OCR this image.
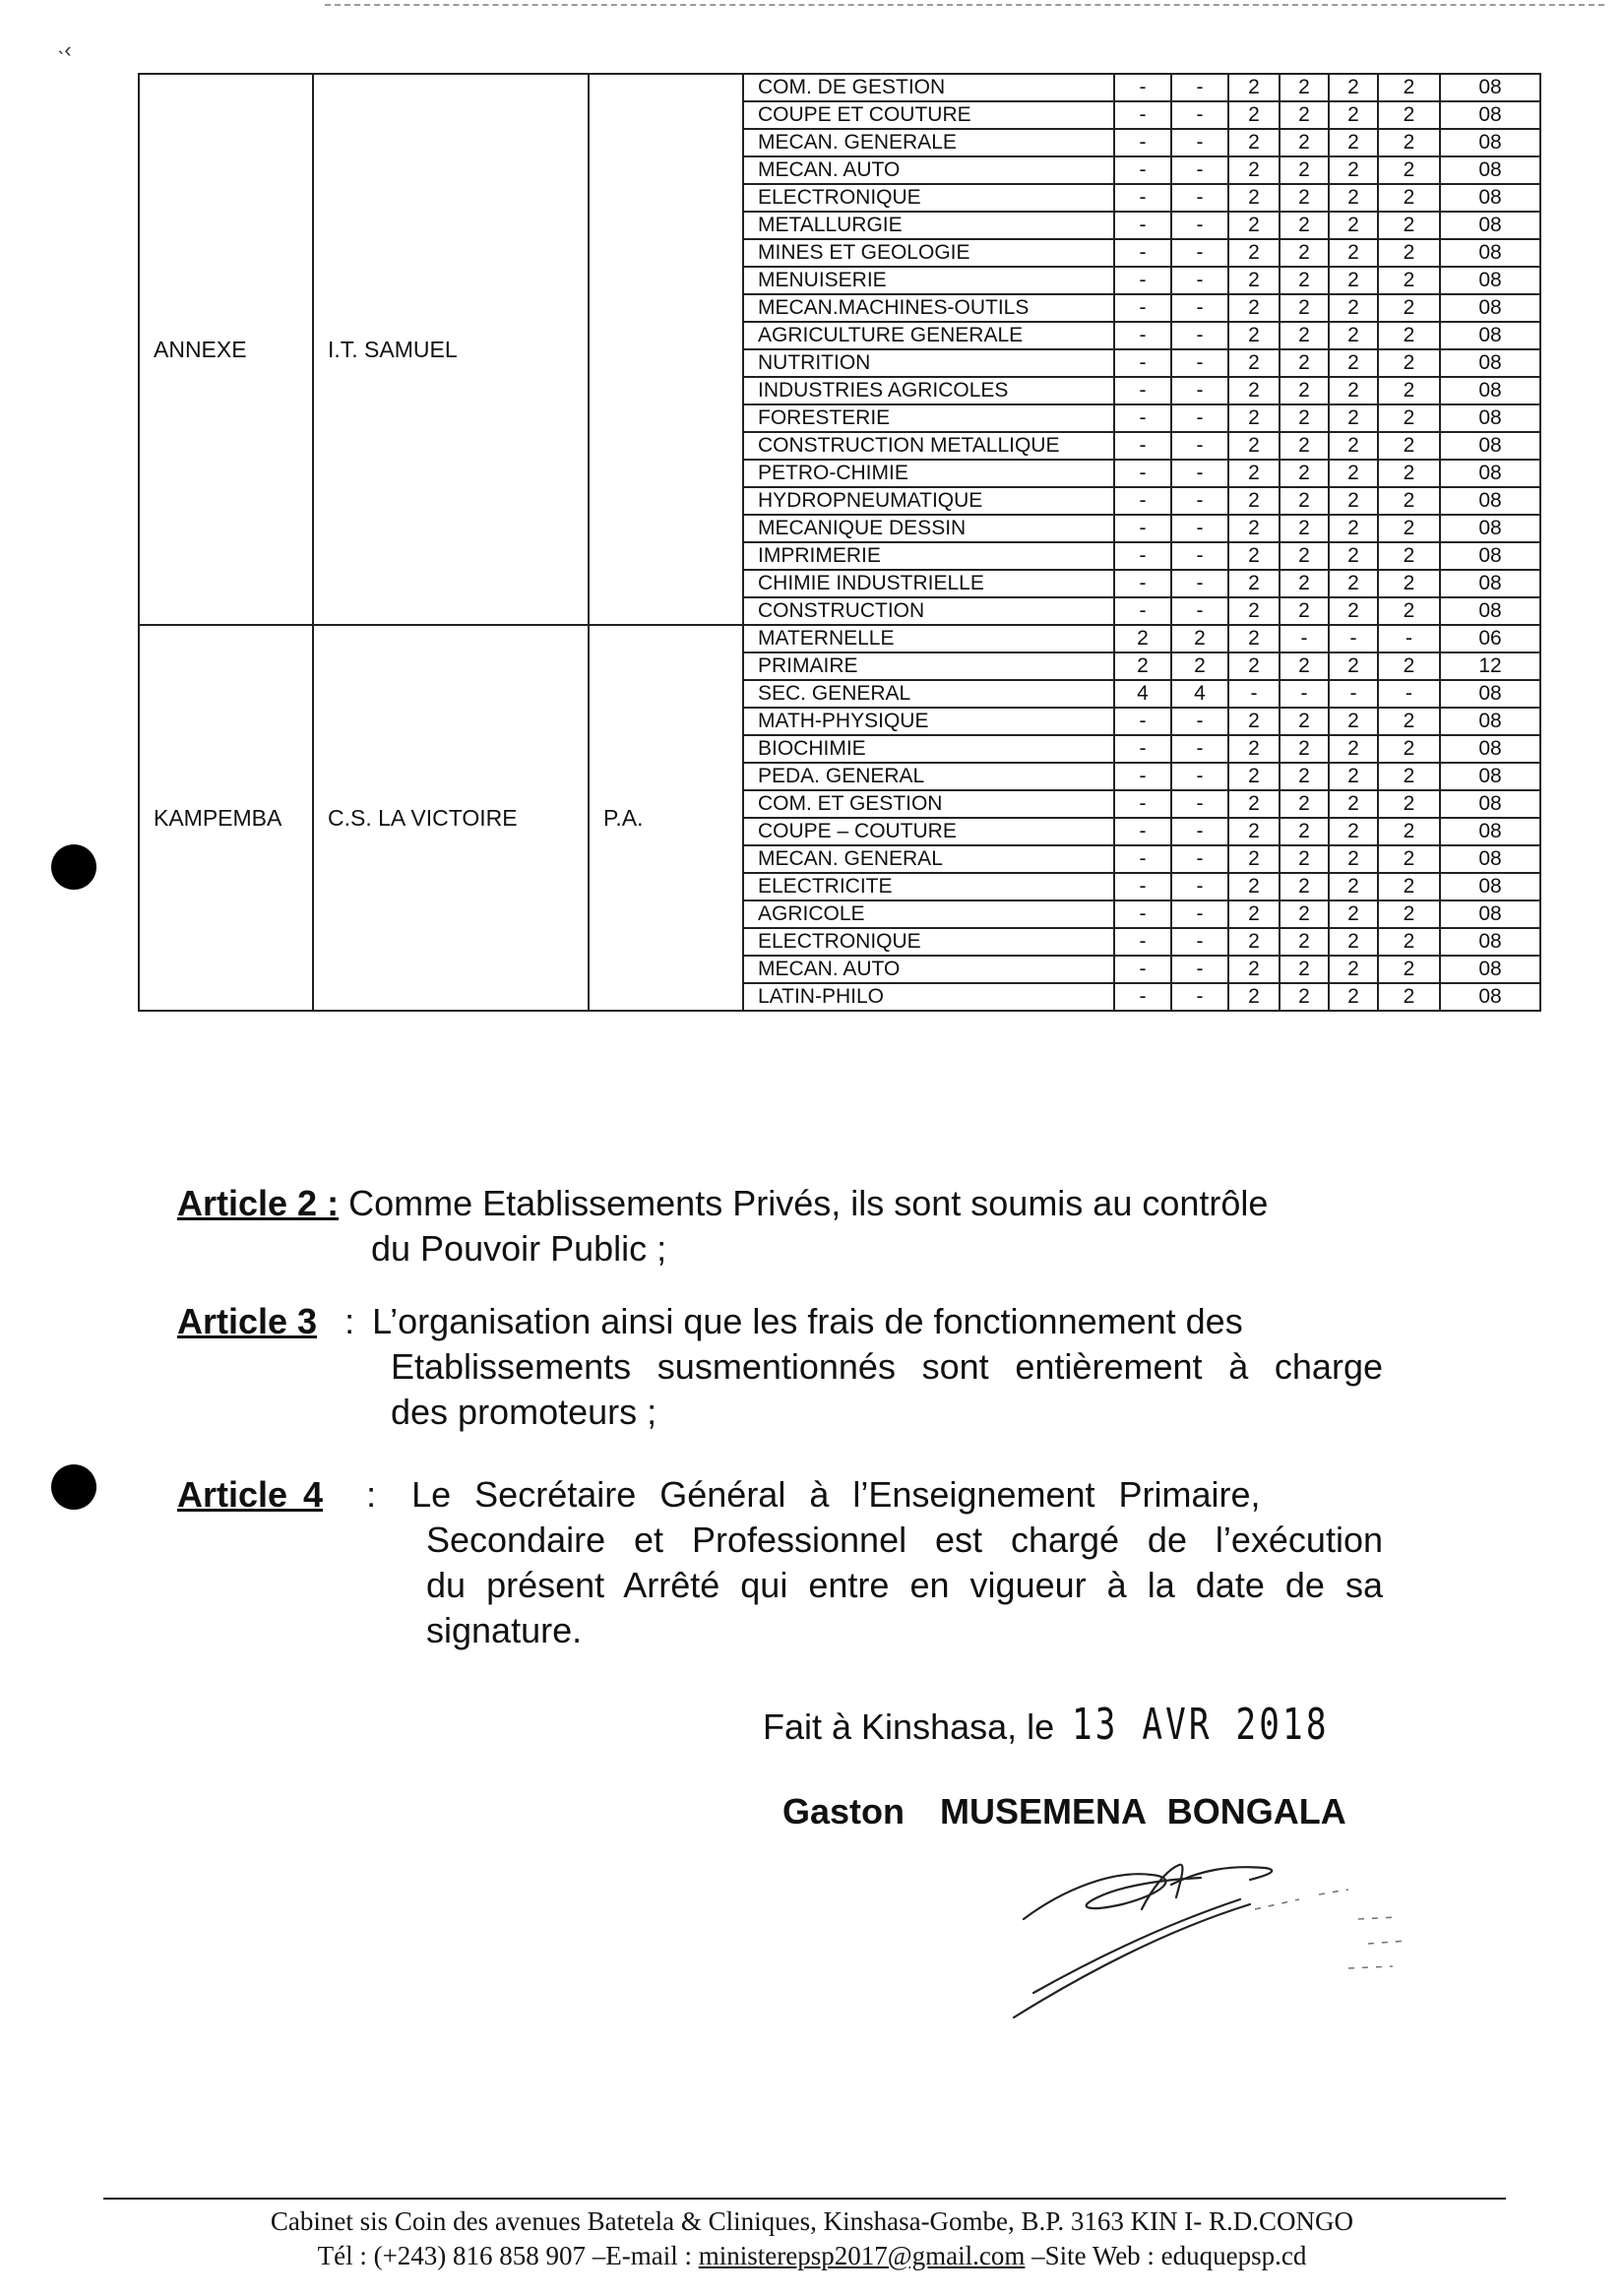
˴‹
ANNEXE	I.T. SAMUEL		COM. DE GESTION	-	-	2	2	2	2	08
			COUPE ET COUTURE	-	-	2	2	2	2	08
			MECAN. GENERALE	-	-	2	2	2	2	08
			MECAN. AUTO	-	-	2	2	2	2	08
			ELECTRONIQUE	-	-	2	2	2	2	08
			METALLURGIE	-	-	2	2	2	2	08
			MINES ET GEOLOGIE	-	-	2	2	2	2	08
			MENUISERIE	-	-	2	2	2	2	08
			MECAN.MACHINES-OUTILS	-	-	2	2	2	2	08
			AGRICULTURE GENERALE	-	-	2	2	2	2	08
			NUTRITION	-	-	2	2	2	2	08
			INDUSTRIES AGRICOLES	-	-	2	2	2	2	08
			FORESTERIE	-	-	2	2	2	2	08
			CONSTRUCTION METALLIQUE	-	-	2	2	2	2	08
			PETRO-CHIMIE	-	-	2	2	2	2	08
			HYDROPNEUMATIQUE	-	-	2	2	2	2	08
			MECANIQUE DESSIN	-	-	2	2	2	2	08
			IMPRIMERIE	-	-	2	2	2	2	08
			CHIMIE INDUSTRIELLE	-	-	2	2	2	2	08
			CONSTRUCTION	-	-	2	2	2	2	08
KAMPEMBA	C.S. LA VICTOIRE	P.A.	MATERNELLE	2	2	2	-	-	-	06
			PRIMAIRE	2	2	2	2	2	2	12
			SEC. GENERAL	4	4	-	-	-	-	08
			MATH-PHYSIQUE	-	-	2	2	2	2	08
			BIOCHIMIE	-	-	2	2	2	2	08
			PEDA. GENERAL	-	-	2	2	2	2	08
			COM. ET GESTION	-	-	2	2	2	2	08
			COUPE – COUTURE	-	-	2	2	2	2	08
			MECAN. GENERAL	-	-	2	2	2	2	08
			ELECTRICITE	-	-	2	2	2	2	08
			AGRICOLE	-	-	2	2	2	2	08
			ELECTRONIQUE	-	-	2	2	2	2	08
			MECAN. AUTO	-	-	2	2	2	2	08
			LATIN-PHILO	-	-	2	2	2	2	08
Article 2 : Comme Etablissements Privés, ils sont soumis au contrôle
du Pouvoir Public ;
Article 3 : L’organisation ainsi que les frais de fonctionnement des
Etablissements susmentionnés sont entièrement à charge
des promoteurs ;
Article 4 : Le Secrétaire Général à l’Enseignement Primaire,
Secondaire et Professionnel est chargé de l’exécution
du présent Arrêté qui entre en vigueur à la date de sa
signature.
Fait à Kinshasa, le 13 AVR 2018
Gaston MUSEMENA BONGALA
Cabinet sis Coin des avenues Batetela & Cliniques, Kinshasa-Gombe, B.P. 3163 KIN I- R.D.CONGO
Tél : (+243) 816 858 907 –E-mail : ministerepsp2017@gmail.com –Site Web : eduquepsp.cd
